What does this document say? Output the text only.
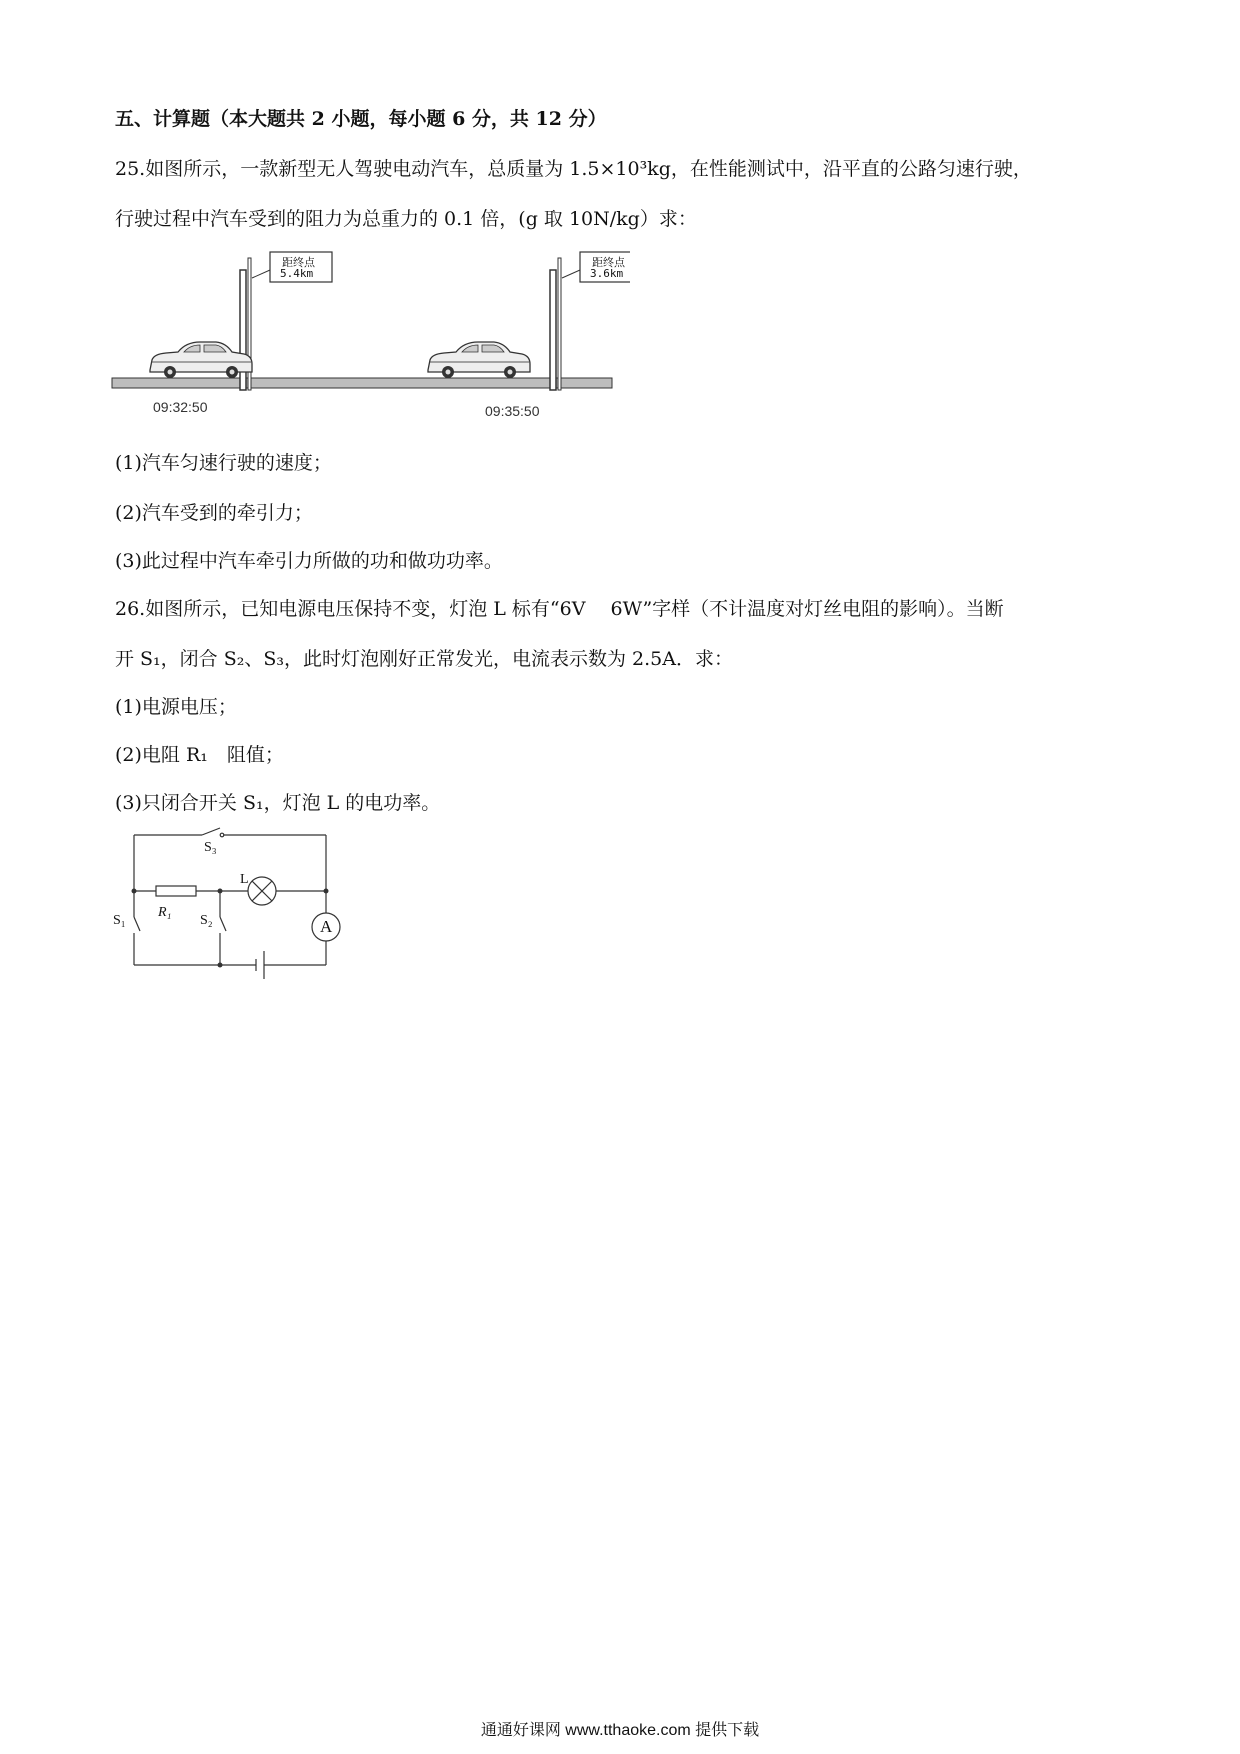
五、计算题（本大题共 2 小题，每小题 6 分，共 12 分）
25.如图所示，一款新型无人驾驶电动汽车，总质量为 1.5×10³kg，在性能测试中，沿平直的公路匀速行驶，
行驶过程中汽车受到的阻力为总重力的 0.1 倍，(g 取 10N/kg）求：
距终点
5.4km
距终点
3.6km
09:32:50	09:35:50
(1)汽车匀速行驶的速度；
(2)汽车受到的牵引力；
(3)此过程中汽车牵引力所做的功和做功功率。
26.如图所示，已知电源电压保持不变，灯泡 L 标有“6V　 6W”字样（不计温度对灯丝电阻的影响）。当断
开 S₁，闭合 S₂、S₃，此时灯泡刚好正常发光，电流表示数为 2.5A．求：
(1)电源电压；
(2)电阻 R₁　阻值；
(3)只闭合开关 S₁，灯泡 L 的电功率。
S₃
L
R₁
S₁	S₂	A
通通好课网 www.tthaoke.com 提供下载
